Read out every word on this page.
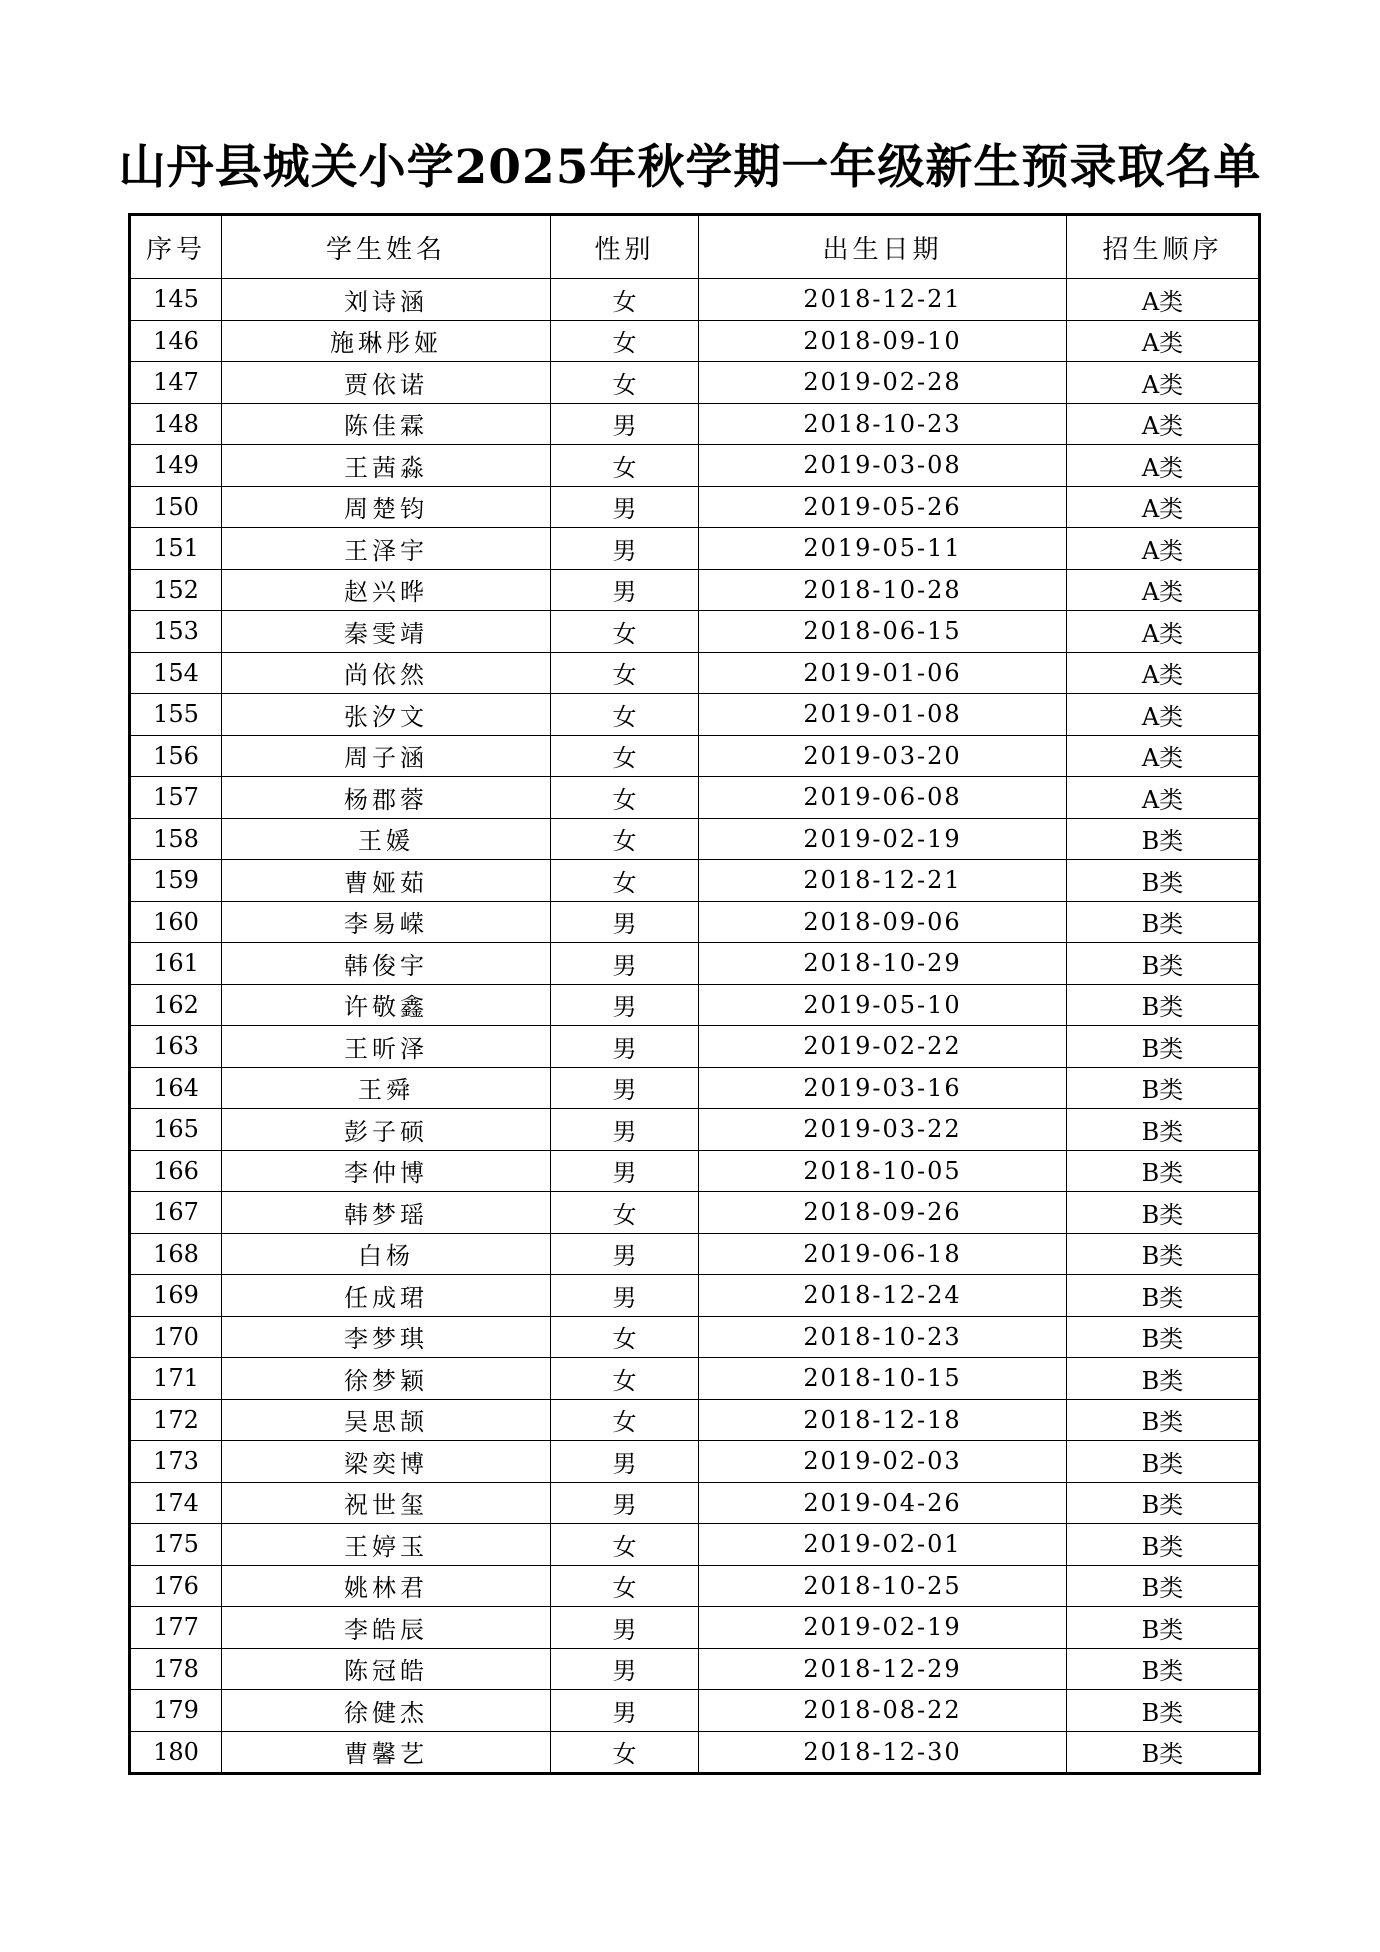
山丹县城关小学2025年秋学期一年级新生预录取名单
序号	学生姓名	性别	出生日期	招生顺序
145	刘诗涵	女	2018-12-21	A类
146	施琳彤娅	女	2018-09-10	A类
147	贾依诺	女	2019-02-28	A类
148	陈佳霖	男	2018-10-23	A类
149	王茜淼	女	2019-03-08	A类
150	周楚钧	男	2019-05-26	A类
151	王泽宇	男	2019-05-11	A类
152	赵兴晔	男	2018-10-28	A类
153	秦雯靖	女	2018-06-15	A类
154	尚依然	女	2019-01-06	A类
155	张汐文	女	2019-01-08	A类
156	周子涵	女	2019-03-20	A类
157	杨郡蓉	女	2019-06-08	A类
158	王媛	女	2019-02-19	B类
159	曹娅茹	女	2018-12-21	B类
160	李易嵘	男	2018-09-06	B类
161	韩俊宇	男	2018-10-29	B类
162	许敬鑫	男	2019-05-10	B类
163	王昕泽	男	2019-02-22	B类
164	王舜	男	2019-03-16	B类
165	彭子硕	男	2019-03-22	B类
166	李仲博	男	2018-10-05	B类
167	韩梦瑶	女	2018-09-26	B类
168	白杨	男	2019-06-18	B类
169	任成珺	男	2018-12-24	B类
170	李梦琪	女	2018-10-23	B类
171	徐梦颖	女	2018-10-15	B类
172	吴思颉	女	2018-12-18	B类
173	梁奕博	男	2019-02-03	B类
174	祝世玺	男	2019-04-26	B类
175	王婷玉	女	2019-02-01	B类
176	姚林君	女	2018-10-25	B类
177	李皓辰	男	2019-02-19	B类
178	陈冠皓	男	2018-12-29	B类
179	徐健杰	男	2018-08-22	B类
180	曹馨艺	女	2018-12-30	B类
